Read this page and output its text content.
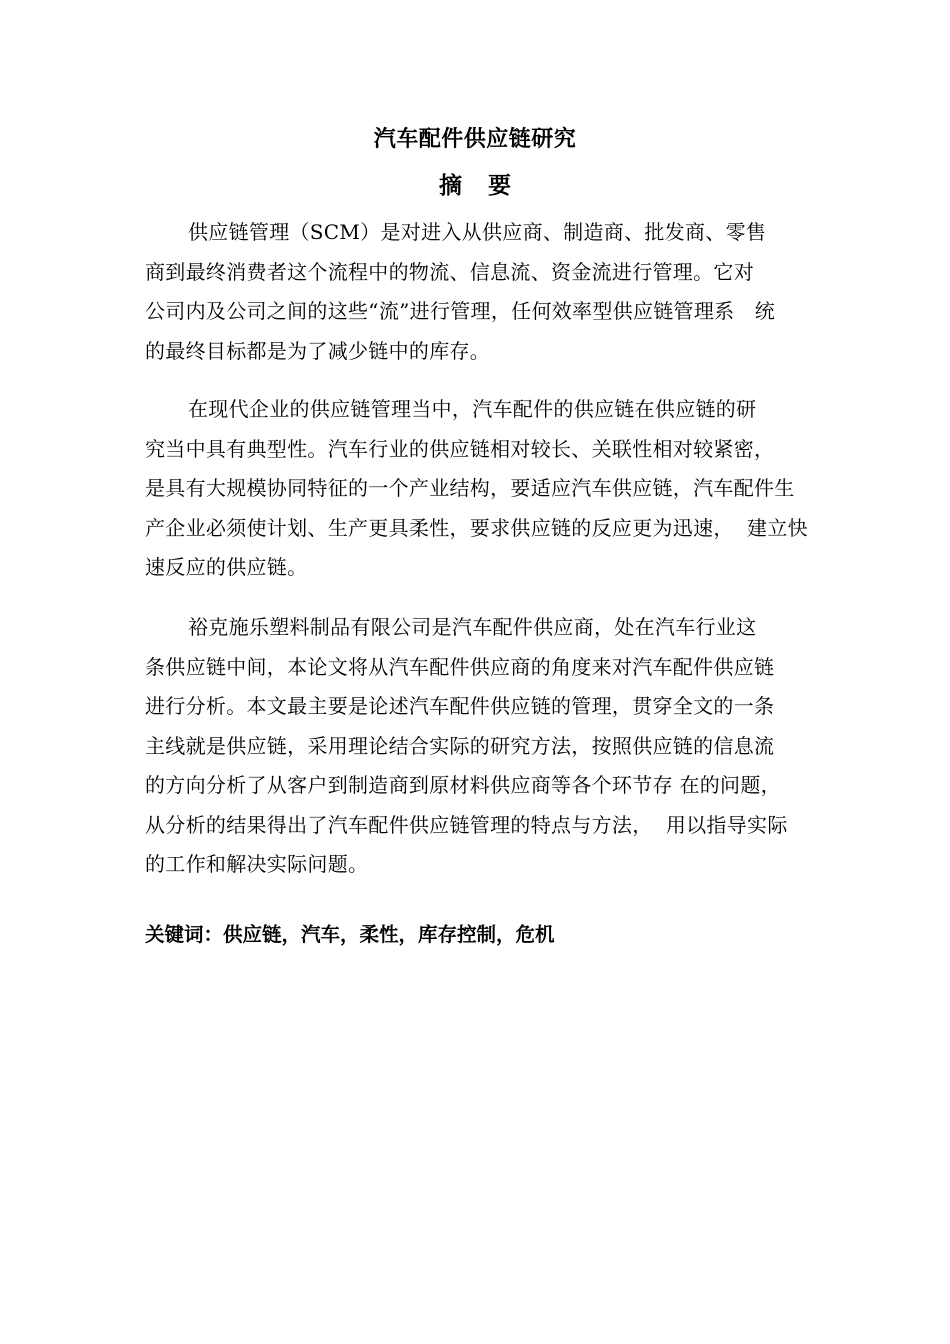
汽车配件供应链研究
摘 要
供应链管理（SCM）是对进入从供应商、制造商、批发商、零售
商到最终消费者这个流程中的物流、信息流、资金流进行管理。它对
公司内及公司之间的这些“流”进行管理，任何效率型供应链管理系　统
的最终目标都是为了减少链中的库存。
在现代企业的供应链管理当中，汽车配件的供应链在供应链的研
究当中具有典型性。汽车行业的供应链相对较长、关联性相对较紧密，
是具有大规模协同特征的一个产业结构，要适应汽车供应链，汽车配件生
产企业必须使计划、生产更具柔性，要求供应链的反应更为迅速，  建立快
速反应的供应链。
裕克施乐塑料制品有限公司是汽车配件供应商，处在汽车行业这
条供应链中间，本论文将从汽车配件供应商的角度来对汽车配件供应链
进行分析。本文最主要是论述汽车配件供应链的管理，贯穿全文的一条
主线就是供应链，采用理论结合实际的研究方法，按照供应链的信息流
的方向分析了从客户到制造商到原材料供应商等各个环节存 在的问题，
从分析的结果得出了汽车配件供应链管理的特点与方法，  用以指导实际
的工作和解决实际问题。
关键词：供应链，汽车，柔性，库存控制，危机
